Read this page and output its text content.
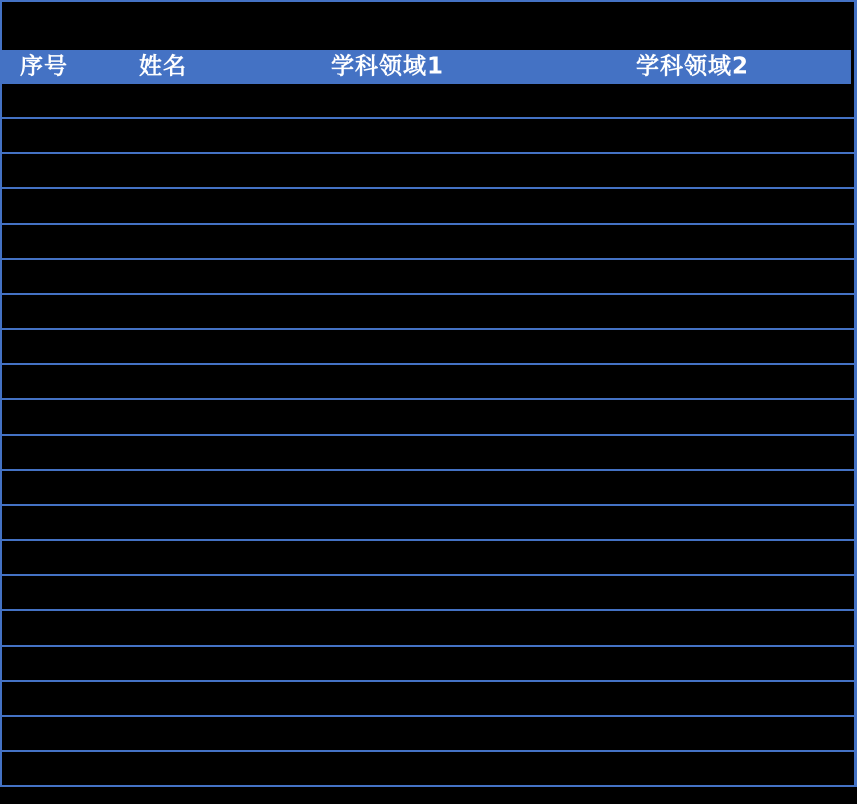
序号	姓名	学科领域1	学科领域2
